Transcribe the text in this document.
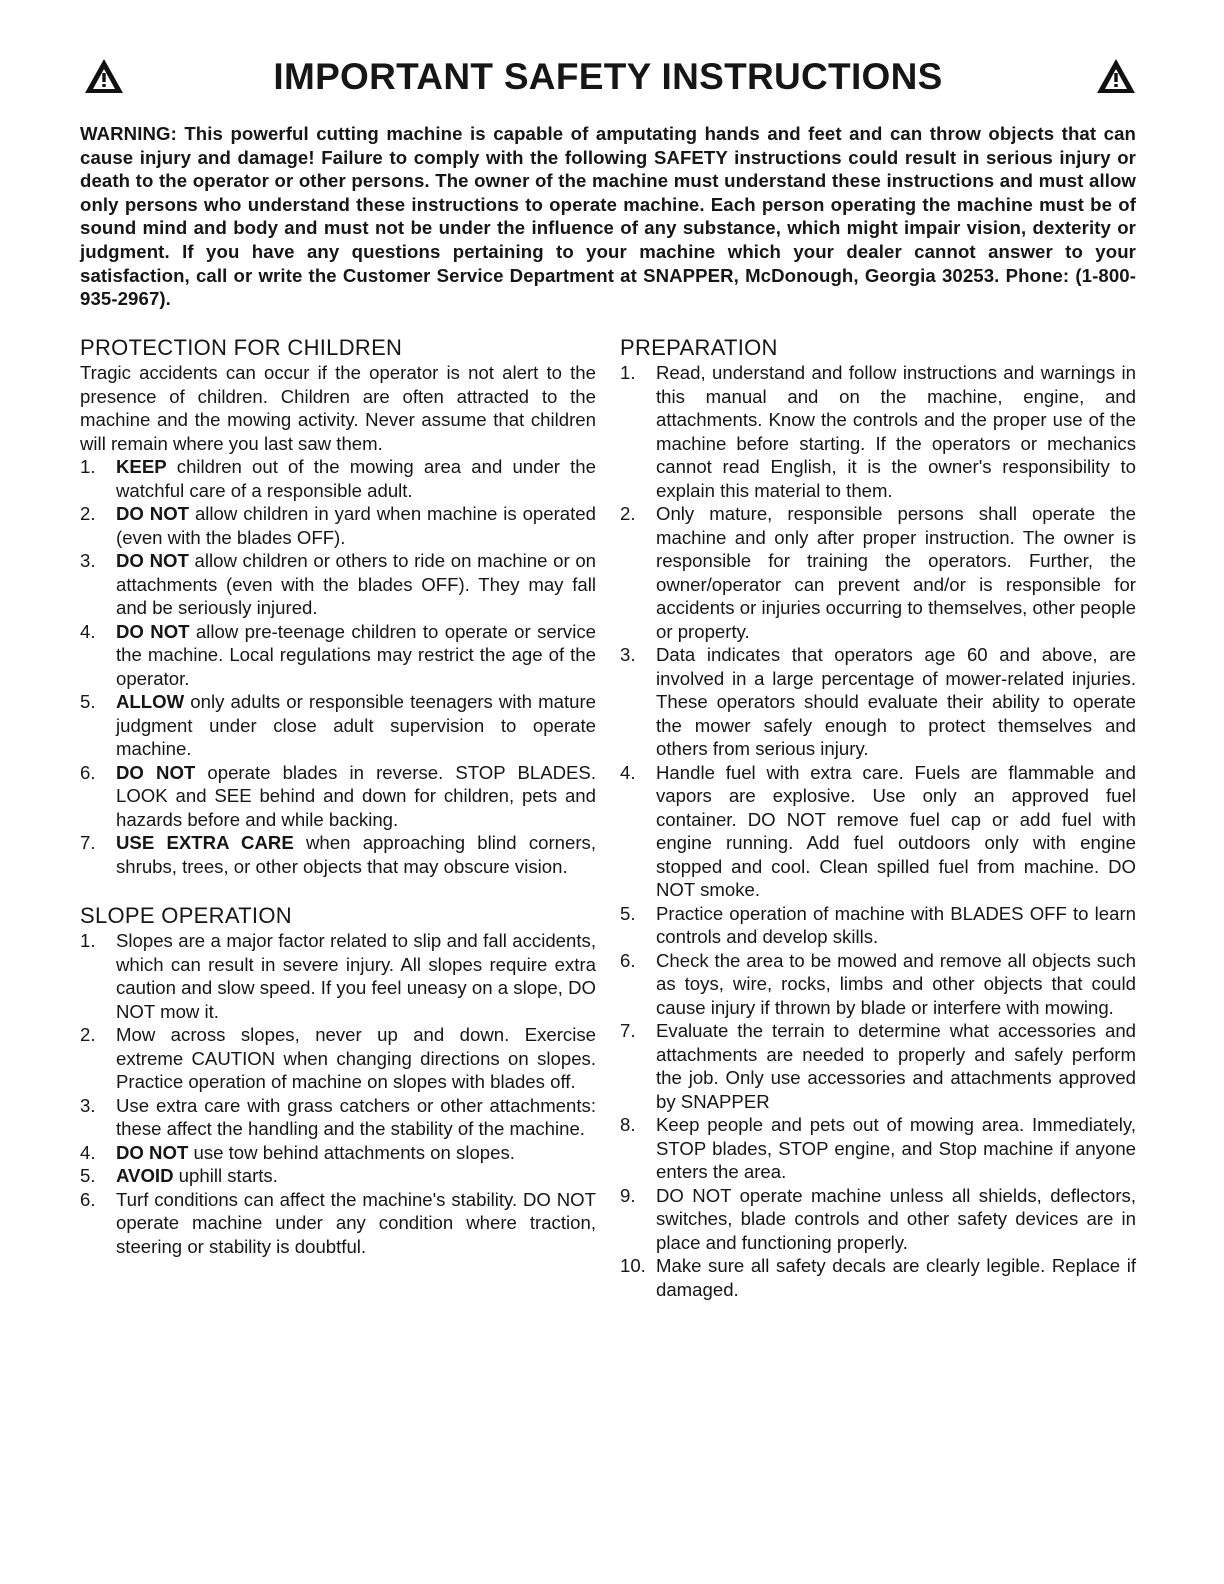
IMPORTANT SAFETY INSTRUCTIONS

WARNING: This powerful cutting machine is capable of amputating hands and feet and can throw objects that can cause injury and damage! Failure to comply with the following SAFETY instructions could result in serious injury or death to the operator or other persons. The owner of the machine must understand these instructions and must allow only persons who understand these instructions to operate machine. Each person operating the machine must be of sound mind and body and must not be under the influence of any substance, which might impair vision, dexterity or judgment. If you have any questions pertaining to your machine which your dealer cannot answer to your satisfaction, call or write the Customer Service Department at SNAPPER, McDonough, Georgia 30253. Phone: (1-800-935-2967).

PROTECTION FOR CHILDREN

Tragic accidents can occur if the operator is not alert to the presence of children. Children are often attracted to the machine and the mowing activity. Never assume that children will remain where you last saw them.

1.	KEEP children out of the mowing area and under the watchful care of a responsible adult.
2.	DO NOT allow children in yard when machine is operated (even with the blades OFF).
3.	DO NOT allow children or others to ride on machine or on attachments (even with the blades OFF). They may fall and be seriously injured.
4.	DO NOT allow pre-teenage children to operate or service the machine. Local regulations may restrict the age of the operator.
5.	ALLOW only adults or responsible teenagers with mature judgment under close adult supervision to operate machine.
6.	DO NOT operate blades in reverse. STOP BLADES. LOOK and SEE behind and down for children, pets and hazards before and while backing.
7.	USE EXTRA CARE when approaching blind corners, shrubs, trees, or other objects that may obscure vision.
SLOPE OPERATION
1.	Slopes are a major factor related to slip and fall accidents, which can result in severe injury. All slopes require extra caution and slow speed. If you feel uneasy on a slope, DO NOT mow it.
2.	Mow across slopes, never up and down. Exercise extreme CAUTION when changing directions on slopes. Practice operation of machine on slopes with blades off.
3.	Use extra care with grass catchers or other attachments: these affect the handling and the stability of the machine.
4.	DO NOT use tow behind attachments on slopes.
5.	AVOID uphill starts.
6.	Turf conditions can affect the machine's stability. DO NOT operate machine under any condition where traction, steering or stability is doubtful.
PREPARATION
1.	Read, understand and follow instructions and warnings in this manual and on the machine, engine, and attachments. Know the controls and the proper use of the machine before starting. If the operators or mechanics cannot read English, it is the owner's responsibility to explain this material to them.
2.	Only mature, responsible persons shall operate the machine and only after proper instruction. The owner is responsible for training the operators. Further, the owner/operator can prevent and/or is responsible for accidents or injuries occurring to themselves, other people or property.
3.	Data indicates that operators age 60 and above, are involved in a large percentage of mower-related injuries. These operators should evaluate their ability to operate the mower safely enough to protect themselves and others from serious injury.
4.	Handle fuel with extra care. Fuels are flammable and vapors are explosive. Use only an approved fuel container. DO NOT remove fuel cap or add fuel with engine running. Add fuel outdoors only with engine stopped and cool. Clean spilled fuel from machine. DO NOT smoke.
5.	Practice operation of machine with BLADES OFF to learn controls and develop skills.
6.	Check the area to be mowed and remove all objects such as toys, wire, rocks, limbs and other objects that could cause injury if thrown by blade or interfere with mowing.
7.	Evaluate the terrain to determine what accessories and attachments are needed to properly and safely perform the job. Only use accessories and attachments approved by SNAPPER
8.	Keep people and pets out of mowing area. Immediately, STOP blades, STOP engine, and Stop machine if anyone enters the area.
9.	DO NOT operate machine unless all shields, deflectors, switches, blade controls and other safety devices are in place and functioning properly.
10. Make sure all safety decals are clearly legible. Replace if damaged.
